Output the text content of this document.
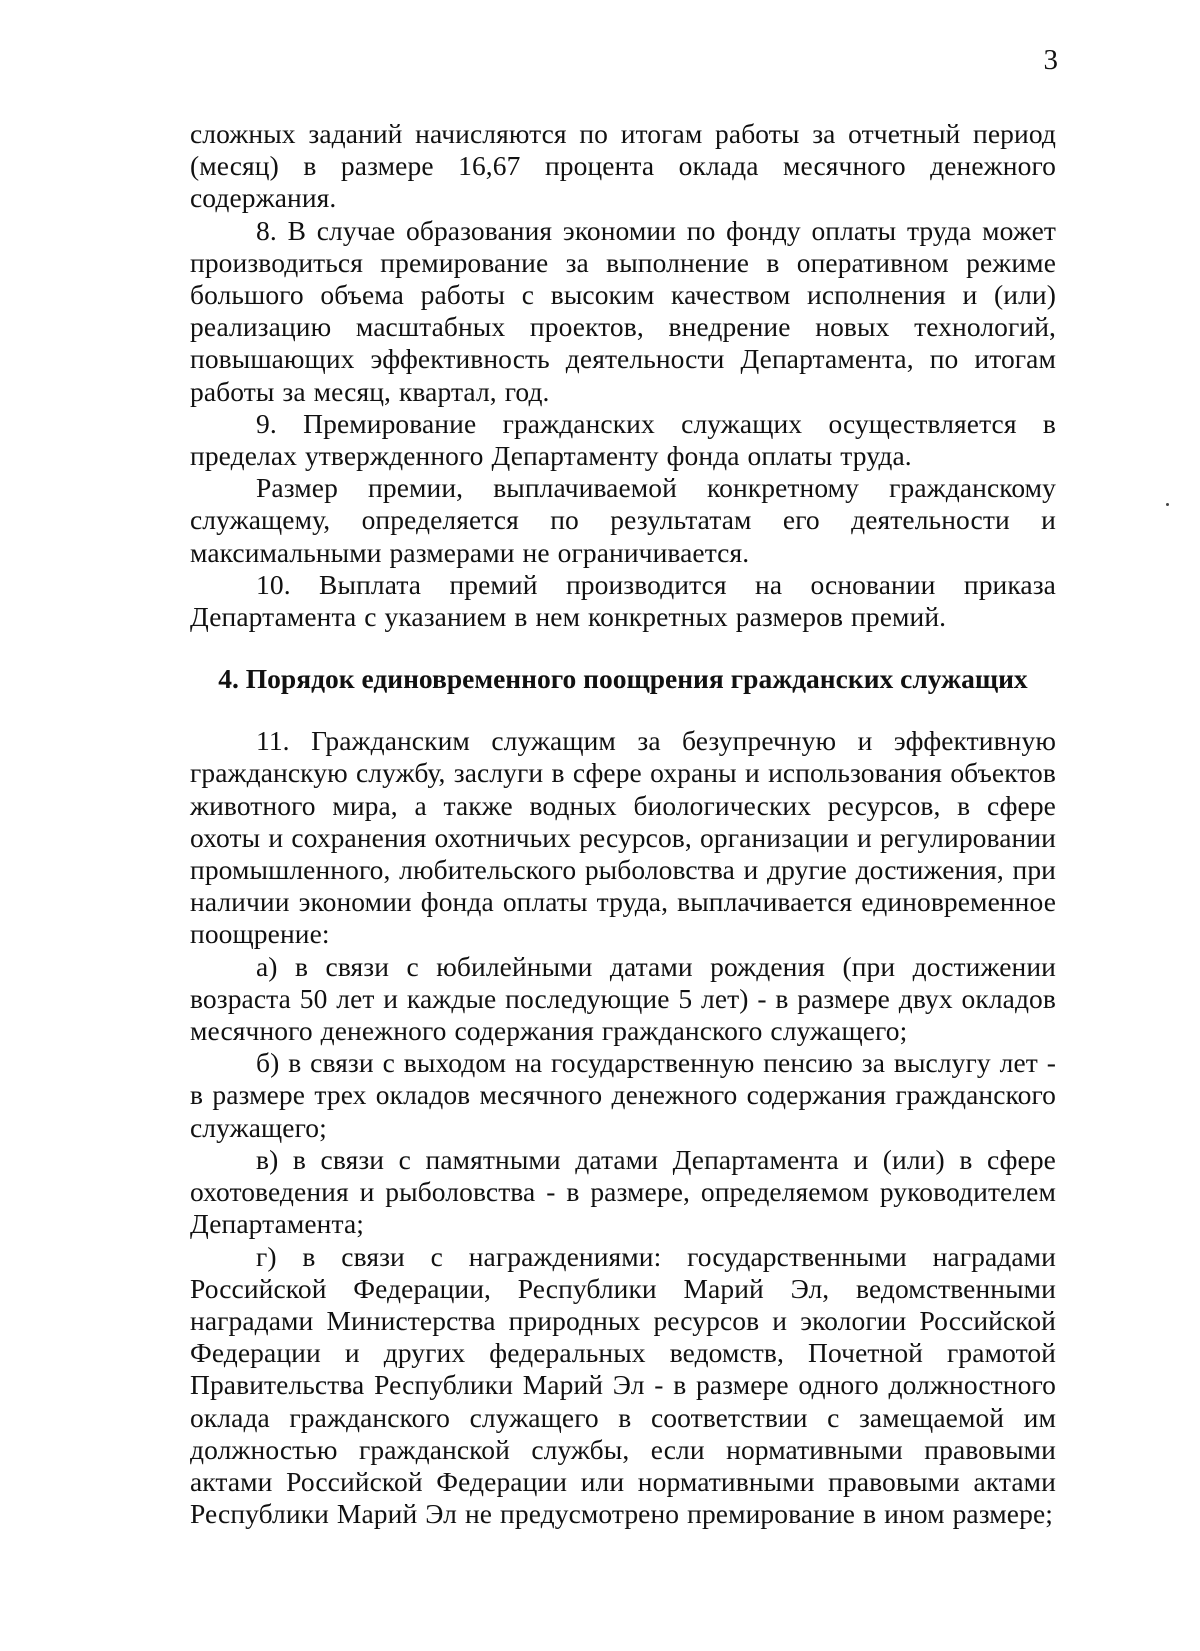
3

сложных заданий начисляются по итогам работы за отчетный период (месяц) в размере 16,67 процента оклада месячного денежного содержания.

8. В случае образования экономии по фонду оплаты труда может производиться премирование за выполнение в оперативном режиме большого объема работы с высоким качеством исполнения и (или) реализацию масштабных проектов, внедрение новых технологий, повышающих эффективность деятельности Департамента, по итогам работы за месяц, квартал, год.

9. Премирование гражданских служащих осуществляется в пределах утвержденного Департаменту фонда оплаты труда.

Размер премии, выплачиваемой конкретному гражданскому служащему, определяется по результатам его деятельности и максимальными размерами не ограничивается.

10. Выплата премий производится на основании приказа Департамента с указанием в нем конкретных размеров премий.

4. Порядок единовременного поощрения гражданских служащих

11. Гражданским служащим за безупречную и эффективную гражданскую службу, заслуги в сфере охраны и использования объектов животного мира, а также водных биологических ресурсов, в сфере охоты и сохранения охотничьих ресурсов, организации и регулировании промышленного, любительского рыболовства и другие достижения, при наличии экономии фонда оплаты труда, выплачивается единовременное поощрение:

а) в связи с юбилейными датами рождения (при достижении возраста 50 лет и каждые последующие 5 лет) - в размере двух окладов месячного денежного содержания гражданского служащего;

б) в связи с выходом на государственную пенсию за выслугу лет - в размере трех окладов месячного денежного содержания гражданского служащего;

в) в связи с памятными датами Департамента и (или) в сфере охотоведения и рыболовства - в размере, определяемом руководителем Департамента;

г) в связи с награждениями: государственными наградами Российской Федерации, Республики Марий Эл, ведомственными наградами Министерства природных ресурсов и экологии Российской Федерации и других федеральных ведомств, Почетной грамотой Правительства Республики Марий Эл - в размере одного должностного оклада гражданского служащего в соответствии с замещаемой им должностью гражданской службы, если нормативными правовыми актами Российской Федерации или нормативными правовыми актами Республики Марий Эл не предусмотрено премирование в ином размере;
